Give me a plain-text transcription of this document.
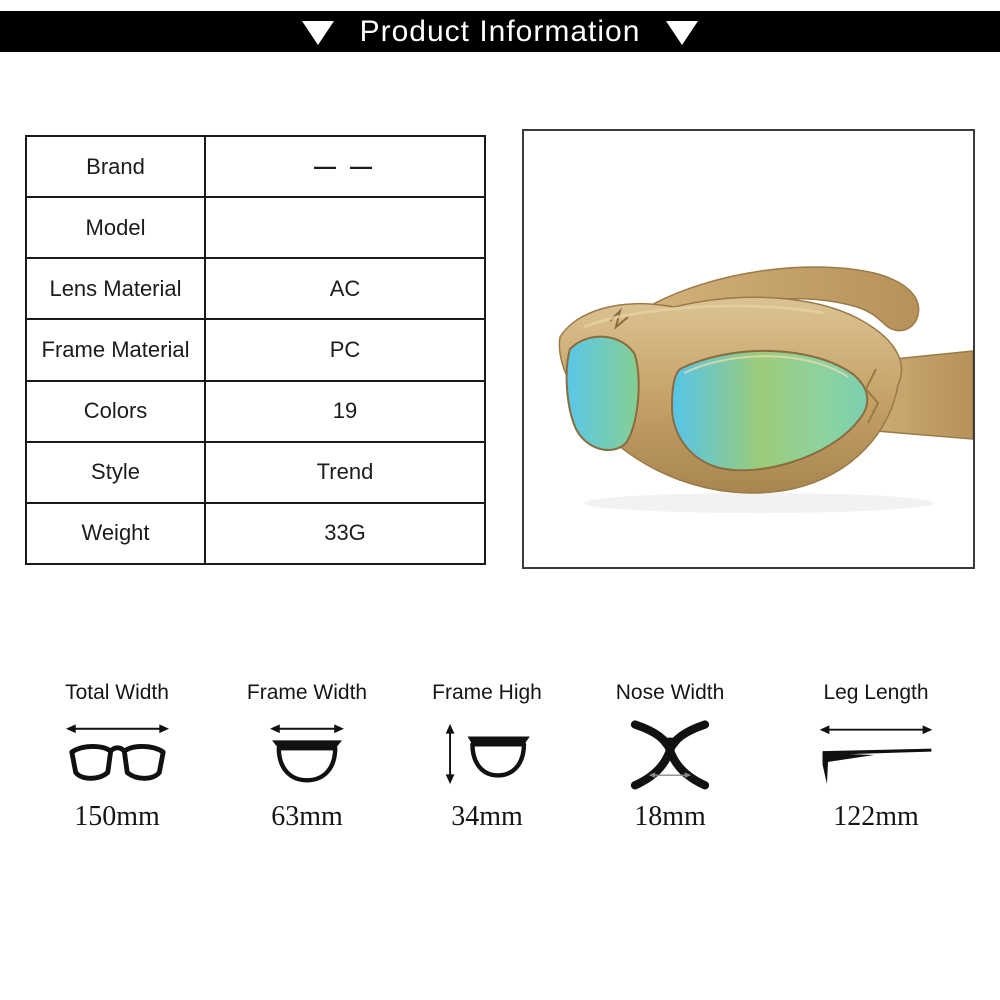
Product Information
Brand	— —
Model	
Lens Material	AC
Frame Material	PC
Colors	19
Style	Trend
Weight	33G
Total Width
150mm
Frame Width
63mm
Frame High
34mm
Nose Width
18mm
Leg Length
122mm
